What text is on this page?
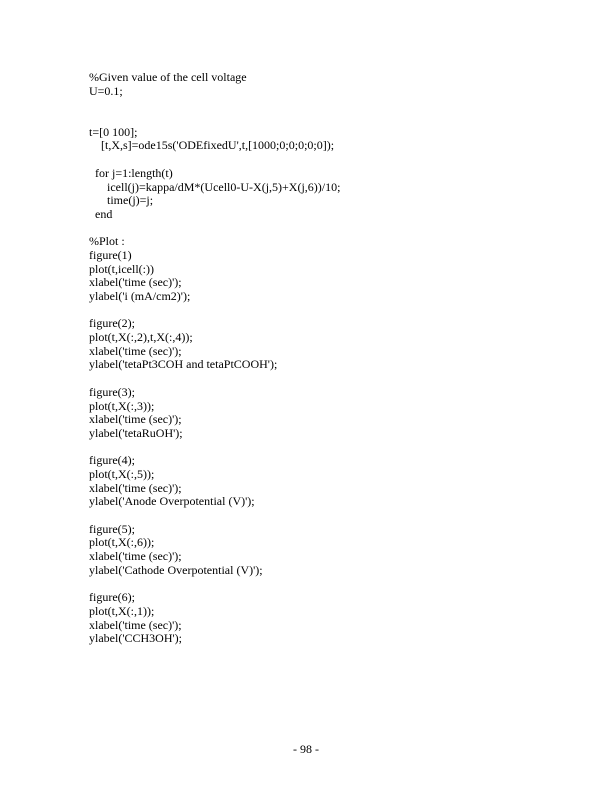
%Given value of the cell voltage
U=0.1;
t=[0 100];
[t,X,s]=ode15s('ODEfixedU',t,[1000;0;0;0;0;0]);
for j=1:length(t)
icell(j)=kappa/dM*(Ucell0-U-X(j,5)+X(j,6))/10;
time(j)=j;
end
%Plot :
figure(1)
plot(t,icell(:))
xlabel('time (sec)');
ylabel('i (mA/cm2)');
figure(2);
plot(t,X(:,2),t,X(:,4));
xlabel('time (sec)');
ylabel('tetaPt3COH and tetaPtCOOH');
figure(3);
plot(t,X(:,3));
xlabel('time (sec)');
ylabel('tetaRuOH');
figure(4);
plot(t,X(:,5));
xlabel('time (sec)');
ylabel('Anode Overpotential (V)');
figure(5);
plot(t,X(:,6));
xlabel('time (sec)');
ylabel('Cathode Overpotential (V)');
figure(6);
plot(t,X(:,1));
xlabel('time (sec)');
ylabel('CCH3OH');
- 98 -
